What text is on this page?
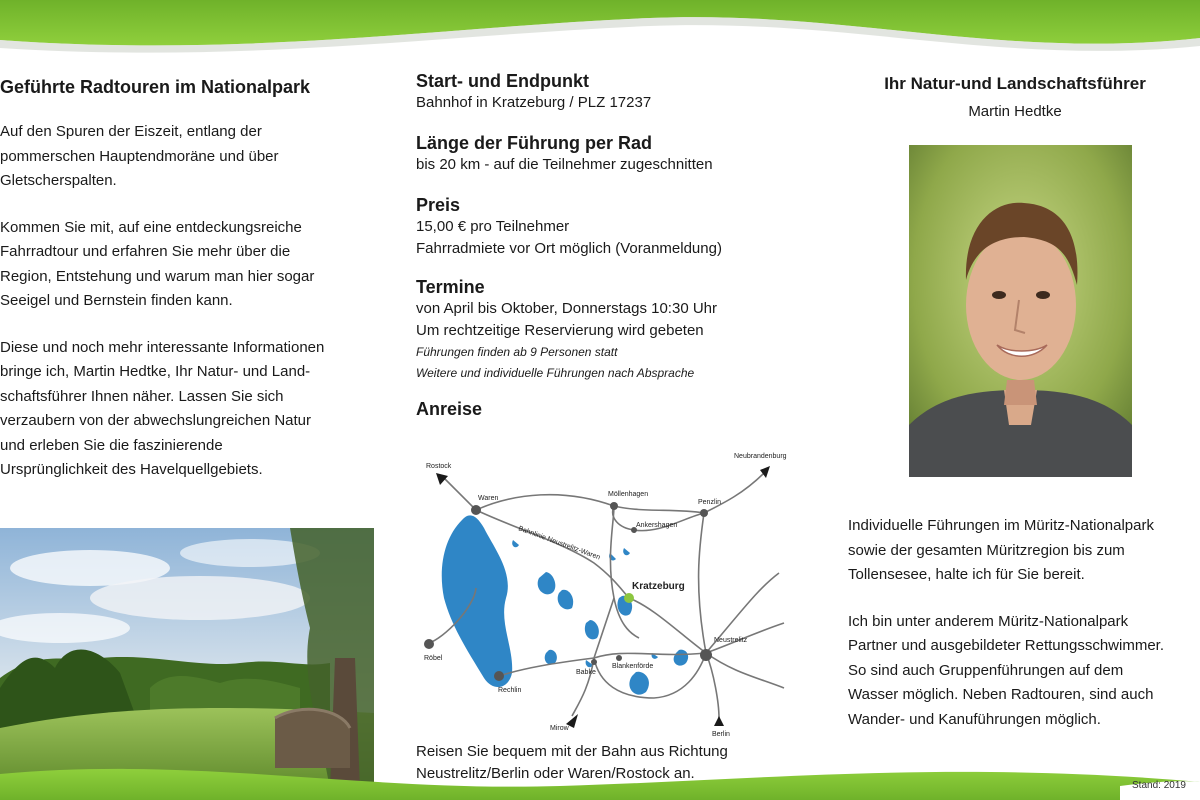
Geführte Radtouren im Nationalpark
Auf den Spuren der Eiszeit, entlang der
pommerschen Hauptendmoräne und über
Gletscherspalten.
Kommen Sie mit, auf eine entdeckungsreiche
Fahrradtour und erfahren Sie mehr über die
Region, Entstehung und warum man hier sogar
Seeigel und Bernstein finden kann.
Diese und noch mehr interessante Informationen
bringe ich, Martin Hedtke, Ihr Natur- und Land-
schaftsführer Ihnen näher. Lassen Sie sich
verzaubern von der abwechslungreichen Natur
und erleben Sie die faszinierende
Ursprünglichkeit des Havelquellgebiets.
Start- und Endpunkt
Bahnhof in Kratzeburg / PLZ 17237
Länge der Führung per Rad
bis 20 km - auf die Teilnehmer zugeschnitten
Preis
15,00 € pro Teilnehmer
Fahrradmiete vor Ort möglich (Voranmeldung)
Termine
von April bis Oktober, Donnerstags 10:30 Uhr
Um rechtzeitige Reservierung wird gebeten
Führungen finden ab 9 Personen statt
Weitere und individuelle Führungen nach Absprache
Anreise
Rostock
Waren
Möllenhagen
Penzlin
Neubrandenburg
Ankershagen
Kratzeburg
Neustrelitz
Röbel
Rechlin
Blankenförde
Babke
Mirow
Berlin
Bahnlinie Neustrelitz-Waren
Reisen Sie bequem mit der Bahn aus Richtung
Neustrelitz/Berlin oder Waren/Rostock an.
Ihr Natur-und Landschaftsführer
Martin Hedtke
Individuelle Führungen im Müritz-Nationalpark
sowie der gesamten Müritzregion bis zum
Tollensesee, halte ich für Sie bereit.
Ich bin unter anderem Müritz-Nationalpark
Partner und ausgebildeter Rettungsschwimmer.
So sind auch Gruppenführungen auf dem
Wasser möglich. Neben Radtouren, sind auch
Wander- und Kanuführungen möglich.
Stand: 2019
